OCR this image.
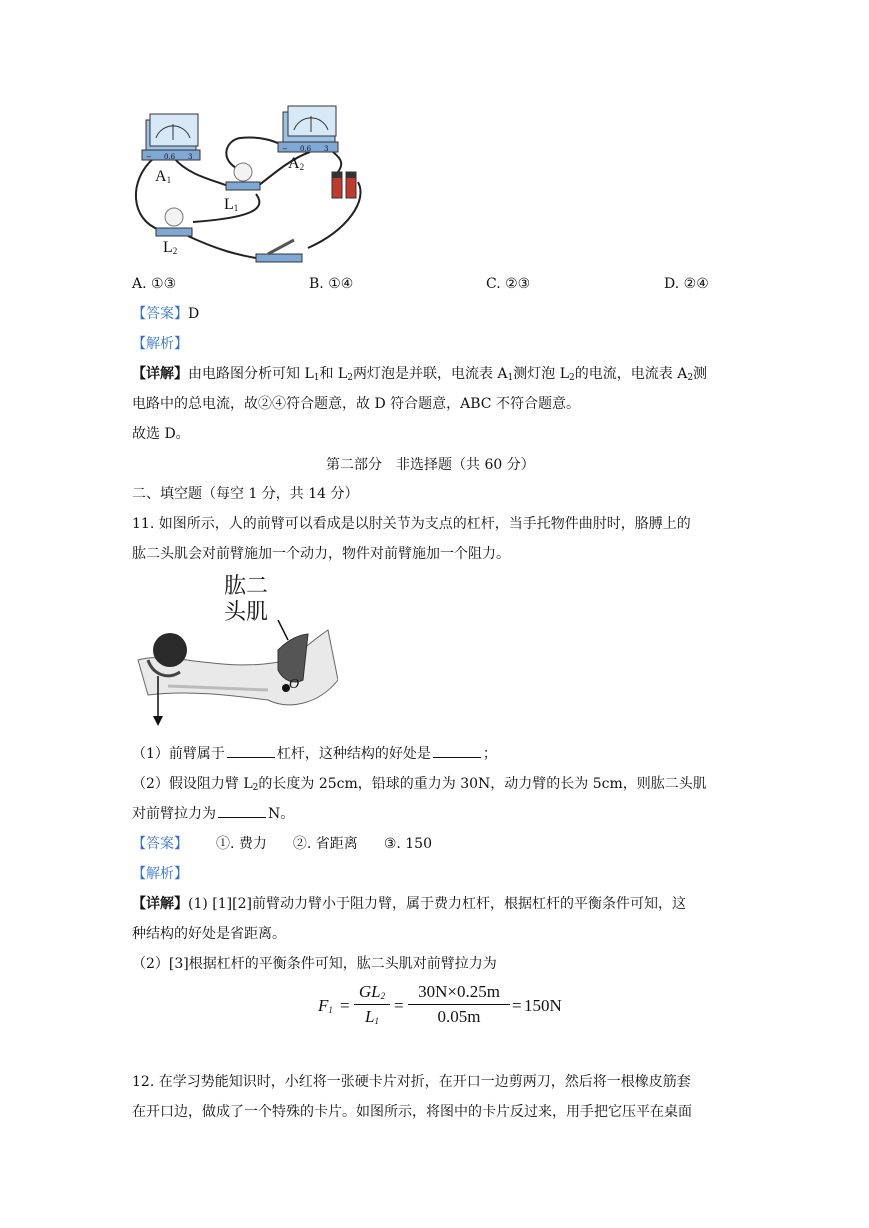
− 0.6 3
− 0.6 3
$A_1$
$A_2$
$L_1$
$L_2$
A. ①③	B. ①④	C. ②③	D. ②④
【答案】D
【解析】
【详解】由电路图分析可知 $L_1$和 $L_2$两灯泡是并联，电流表 $A_1$测灯泡 $L_2$的电流，电流表 $A_2$测
电路中的总电流，故②④符合题意，故 D 符合题意，ABC 不符合题意。
故选 D。
第二部分　非选择题（共 60 分）
二、填空题（每空 1 分，共 14 分）
11. 如图所示，人的前臂可以看成是以肘关节为支点的杠杆，当手托物件曲肘时，胳膊上的
肱二头肌会对前臂施加一个动力，物件对前臂施加一个阻力。
肱二
头肌
O
（1）前臂属于	杠杆，这种结构的好处是	；
（2）假设阻力臂 $L_2$的长度为 25cm，铅球的重力为 30N，动力臂的长为 5cm，则肱二头肌
对前臂拉力为	N。
【答案】 ①. 费力 ②. 省距离 ③. 150
【解析】
【详解】(1) [1][2]前臂动力臂小于阻力臂，属于费力杠杆，根据杠杆的平衡条件可知，这
种结构的好处是省距离。
（2）[3]根据杠杆的平衡条件可知，肱二头肌对前臂拉力为
$F_1$ =
$GL_2$
$L_1$
=
30N×0.25m
0.05m
= 150N
12. 在学习势能知识时，小红将一张硬卡片对折，在开口一边剪两刀，然后将一根橡皮筋套
在开口边，做成了一个特殊的卡片。如图所示，将图中的卡片反过来，用手把它压平在桌面
